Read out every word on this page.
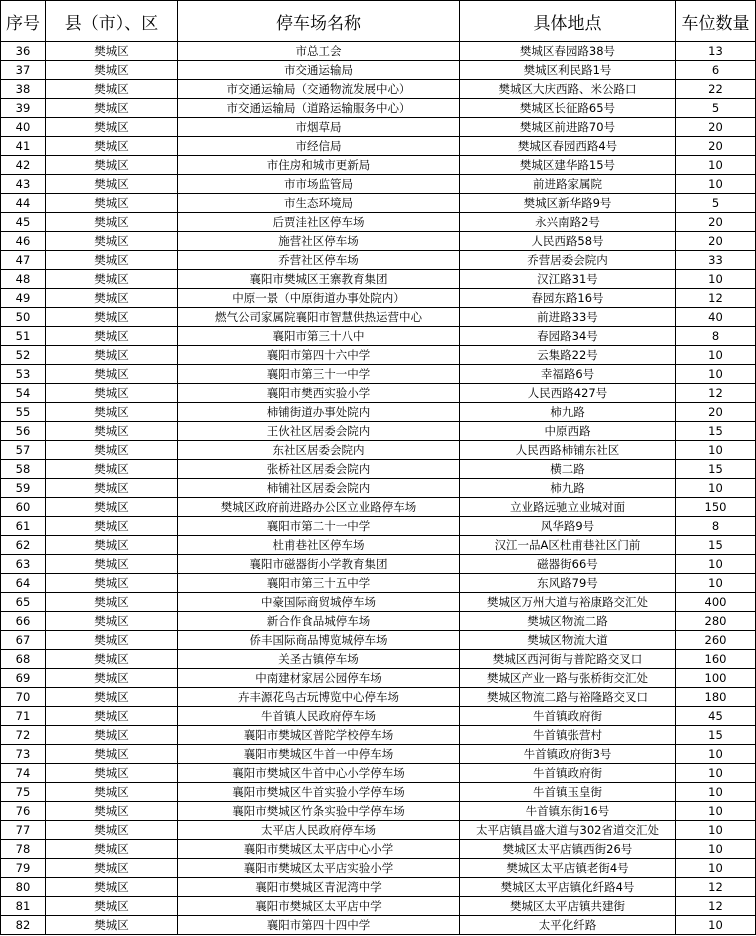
序号	县（市）、区	停车场名称	具体地点	车位数量
36	樊城区	市总工会	樊城区春园路38号	13
37	樊城区	市交通运输局	樊城区利民路1号	6
38	樊城区	市交通运输局（交通物流发展中心）	樊城区大庆西路、米公路口	22
39	樊城区	市交通运输局（道路运输服务中心）	樊城区长征路65号	5
40	樊城区	市烟草局	樊城区前进路70号	20
41	樊城区	市经信局	樊城区春园西路4号	20
42	樊城区	市住房和城市更新局	樊城区建华路15号	10
43	樊城区	市市场监管局	前进路家属院	10
44	樊城区	市生态环境局	樊城区新华路9号	5
45	樊城区	后贾洼社区停车场	永兴南路2号	20
46	樊城区	施营社区停车场	人民西路58号	20
47	樊城区	乔营社区停车场	乔营居委会院内	33
48	樊城区	襄阳市樊城区王寨教育集团	汉江路31号	10
49	樊城区	中原一景（中原街道办事处院内）	春园东路16号	12
50	樊城区	燃气公司家属院襄阳市智慧供热运营中心	前进路33号	40
51	樊城区	襄阳市第三十八中	春园路34号	8
52	樊城区	襄阳市第四十六中学	云集路22号	10
53	樊城区	襄阳市第三十一中学	幸福路6号	10
54	樊城区	襄阳市樊西实验小学	人民西路427号	12
55	樊城区	柿铺街道办事处院内	柿九路	20
56	樊城区	王伙社区居委会院内	中原西路	15
57	樊城区	东社区居委会院内	人民西路柿铺东社区	10
58	樊城区	张桥社区居委会院内	横二路	15
59	樊城区	柿铺社区居委会院内	柿九路	10
60	樊城区	樊城区政府前进路办公区立业路停车场	立业路远驰立业城对面	150
61	樊城区	襄阳市第二十一中学	风华路9号	8
62	樊城区	杜甫巷社区停车场	汉江一品A区杜甫巷社区门前	15
63	樊城区	襄阳市磁器街小学教育集团	磁器街66号	10
64	樊城区	襄阳市第三十五中学	东风路79号	10
65	樊城区	中豪国际商贸城停车场	樊城区万州大道与裕康路交汇处	400
66	樊城区	新合作食品城停车场	樊城区物流二路	280
67	樊城区	侨丰国际商品博览城停车场	樊城区物流大道	260
68	樊城区	关圣古镇停车场	樊城区西河街与普陀路交叉口	160
69	樊城区	中南建材家居公园停车场	樊城区产业一路与张桥街交汇处	100
70	樊城区	卉丰源花鸟古玩博览中心停车场	樊城区物流二路与裕隆路交叉口	180
71	樊城区	牛首镇人民政府停车场	牛首镇政府街	45
72	樊城区	襄阳市樊城区普陀学校停车场	牛首镇张营村	15
73	樊城区	襄阳市樊城区牛首一中停车场	牛首镇政府街3号	10
74	樊城区	襄阳市樊城区牛首中心小学停车场	牛首镇政府街	10
75	樊城区	襄阳市樊城区牛首实验小学停车场	牛首镇玉皇街	10
76	樊城区	襄阳市樊城区竹条实验中学停车场	牛首镇东街16号	10
77	樊城区	太平店人民政府停车场	太平店镇昌盛大道与302省道交汇处	10
78	樊城区	襄阳市樊城区太平店中心小学	樊城区太平店镇西街26号	10
79	樊城区	襄阳市樊城区太平店实验小学	樊城区太平店镇老街4号	10
80	樊城区	襄阳市樊城区青泥湾中学	樊城区太平店镇化纤路4号	12
81	樊城区	襄阳市樊城区太平店中学	樊城区太平店镇共建街	12
82	樊城区	襄阳市第四十四中学	太平化纤路	10
